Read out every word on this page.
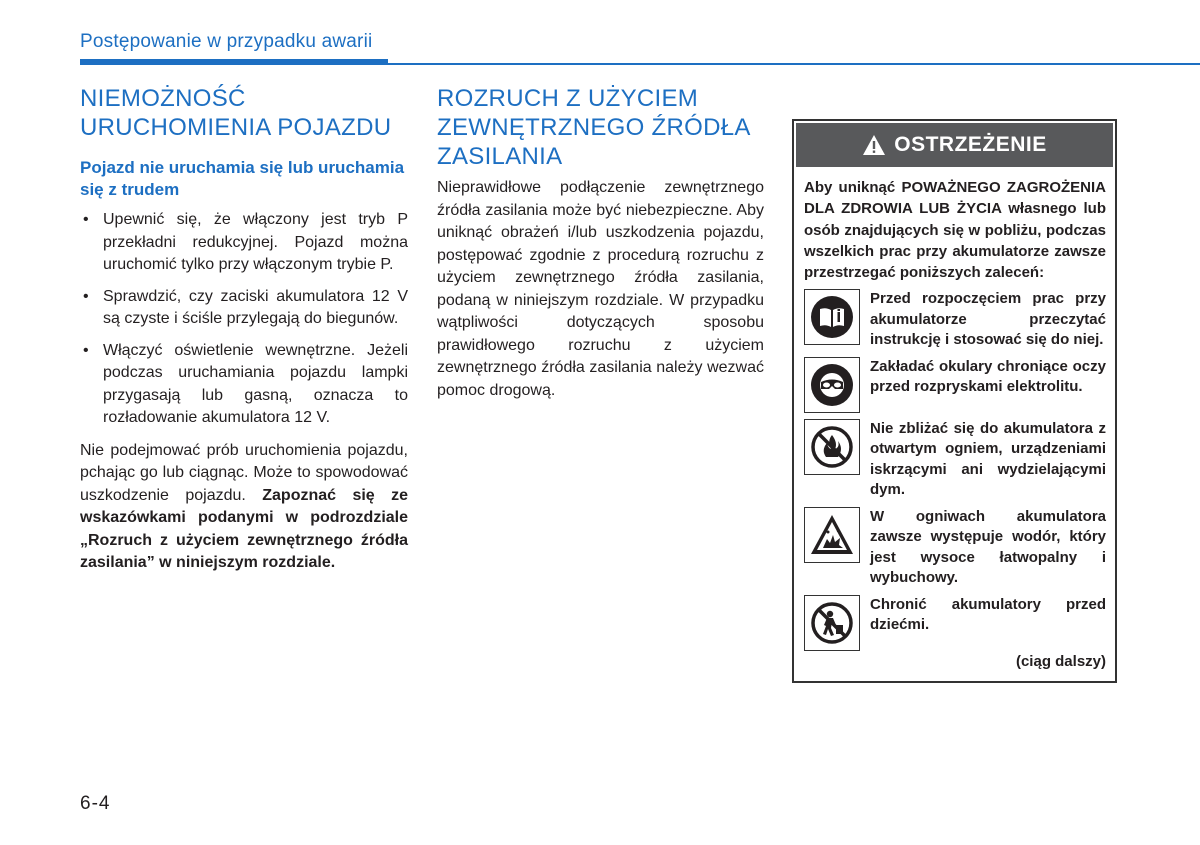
Postępowanie w przypadku awarii
NIEMOŻNOŚĆ URUCHOMIENIA POJAZDU
Pojazd nie uruchamia się lub uruchamia się z trudem
• Upewnić się, że włączony jest tryb P przekładni redukcyjnej. Pojazd można uruchomić tylko przy włączonym trybie P.
• Sprawdzić, czy zaciski akumulatora 12 V są czyste i ściśle przylegają do biegunów.
• Włączyć oświetlenie wewnętrzne. Jeżeli podczas uruchamiania pojazdu lampki przygasają lub gasną, oznacza to rozładowanie akumulatora 12 V.

Nie podejmować prób uruchomienia pojazdu, pchając go lub ciągnąc. Może to spowodować uszkodzenie pojazdu. Zapoznać się ze wskazówkami podanymi w podrozdziale „Rozruch z użyciem zewnętrznego źródła zasilania” w niniejszym rozdziale.

ROZRUCH Z UŻYCIEM ZEWNĘTRZNEGO ŹRÓDŁA ZASILANIA

Nieprawidłowe podłączenie zewnętrznego źródła zasilania może być niebezpieczne. Aby uniknąć obrażeń i/lub uszkodzenia pojazdu, postępować zgodnie z procedurą rozruchu z użyciem zewnętrznego źródła zasilania, podaną w niniejszym rozdziale. W przypadku wątpliwości dotyczących sposobu prawidłowego rozruchu z użyciem zewnętrznego źródła zasilania należy wezwać pomoc drogową.

OSTRZEŻENIE
Aby uniknąć POWAŻNEGO ZAGROŻENIA DLA ZDROWIA LUB ŻYCIA własnego lub osób znajdujących się w pobliżu, podczas wszelkich prac przy akumulatorze zawsze przestrzegać poniższych zaleceń:
Przed rozpoczęciem prac przy akumulatorze przeczytać instrukcję i stosować się do niej.
Zakładać okulary chroniące oczy przed rozpryskami elektrolitu.
Nie zbliżać się do akumulatora z otwartym ogniem, urządzeniami iskrzącymi ani wydzielającymi dym.
W ogniwach akumulatora zawsze występuje wodór, który jest wysoce łatwopalny i wybuchowy.
Chronić akumulatory przed dziećmi.
(ciąg dalszy)
6-4
